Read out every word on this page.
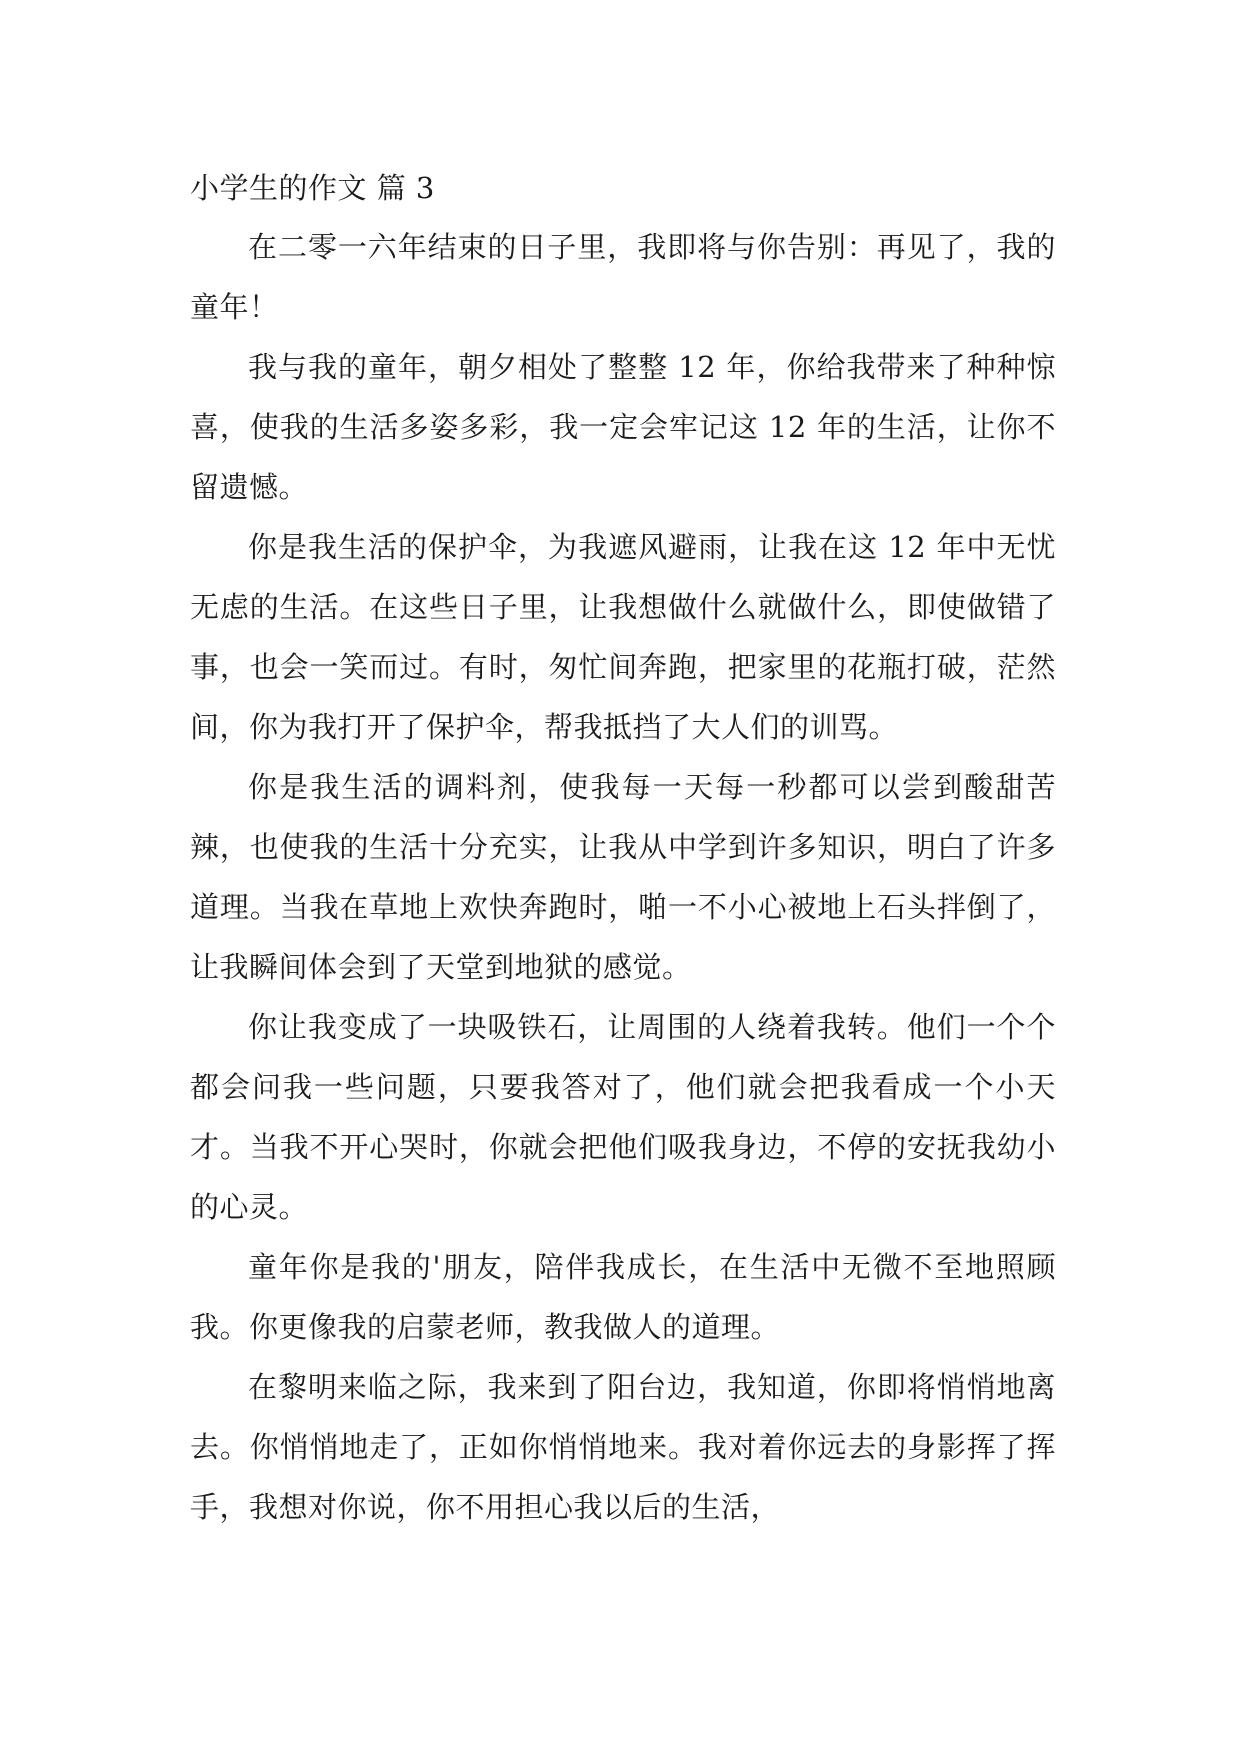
小学生的作文 篇 3

在二零一六年结束的日子里，我即将与你告别：再见了，我的童年！

我与我的童年，朝夕相处了整整 12 年，你给我带来了种种惊喜，使我的生活多姿多彩，我一定会牢记这 12 年的生活，让你不留遗憾。

你是我生活的保护伞，为我遮风避雨，让我在这 12 年中无忧无虑的生活。在这些日子里，让我想做什么就做什么，即使做错了事，也会一笑而过。有时，匆忙间奔跑，把家里的花瓶打破，茫然间，你为我打开了保护伞，帮我抵挡了大人们的训骂。

你是我生活的调料剂，使我每一天每一秒都可以尝到酸甜苦辣，也使我的生活十分充实，让我从中学到许多知识，明白了许多道理。当我在草地上欢快奔跑时，啪一不小心被地上石头拌倒了，让我瞬间体会到了天堂到地狱的感觉。

你让我变成了一块吸铁石，让周围的人绕着我转。他们一个个都会问我一些问题，只要我答对了，他们就会把我看成一个小天才。当我不开心哭时，你就会把他们吸我身边，不停的安抚我幼小的心灵。

童年你是我的'朋友，陪伴我成长，在生活中无微不至地照顾我。你更像我的启蒙老师，教我做人的道理。

在黎明来临之际，我来到了阳台边，我知道，你即将悄悄地离去。你悄悄地走了，正如你悄悄地来。我对着你远去的身影挥了挥手，我想对你说，你不用担心我以后的生活，
